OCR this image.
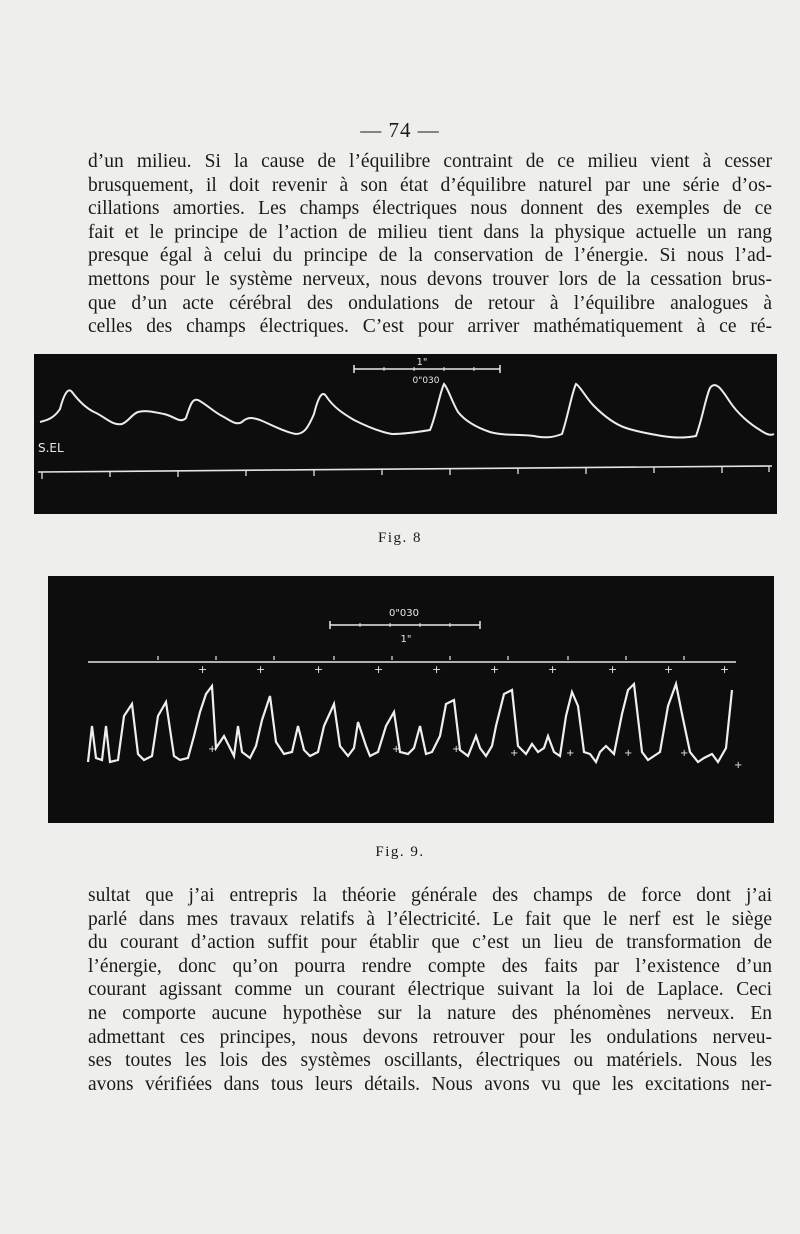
— 74 —

d’un milieu. Si la cause de l’équilibre contraint de ce milieu vient à cesser
brusquement, il doit revenir à son état d’équilibre naturel par une série d’os-
cillations amorties. Les champs électriques nous donnent des exemples de ce
fait et le principe de l’action de milieu tient dans la physique actuelle un rang
presque égal à celui du principe de la conservation de l’énergie. Si nous l’ad-
mettons pour le système nerveux, nous devons trouver lors de la cessation brus-
que d’un acte cérébral des ondulations de retour à l’équilibre analogues à
celles des champs électriques. C’est pour arriver mathématiquement à ce ré-

1"
0"030
S.EL
Fig. 8
0"030
1"
+	+	+	+	+	+	+	+	+	+
+	+	+	+	+	+	+
+
Fig. 9.

sultat que j’ai entrepris la théorie générale des champs de force dont j’ai
parlé dans mes travaux relatifs à l’électricité. Le fait que le nerf est le siège
du courant d’action suffit pour établir que c’est un lieu de transformation de
l’énergie, donc qu’on pourra rendre compte des faits par l’existence d’un
courant agissant comme un courant électrique suivant la loi de Laplace. Ceci
ne comporte aucune hypothèse sur la nature des phénomènes nerveux. En
admettant ces principes, nous devons retrouver pour les ondulations nerveu-
ses toutes les lois des systèmes oscillants, électriques ou matériels. Nous les
avons vérifiées dans tous leurs détails. Nous avons vu que les excitations ner-
